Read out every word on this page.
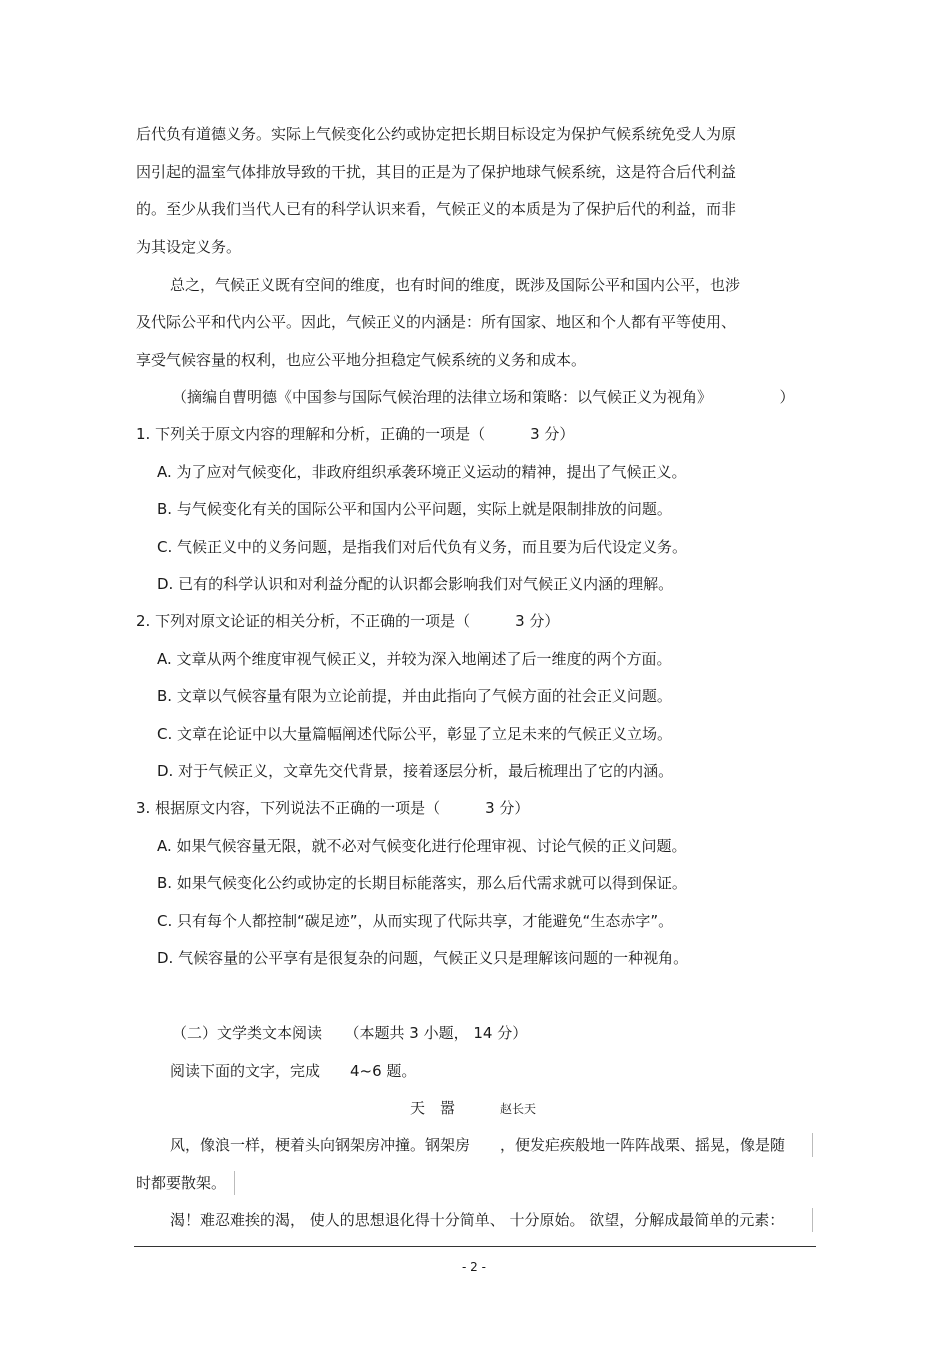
后代负有道德义务。实际上气候变化公约或协定把长期目标设定为保护气候系统免受人为原
因引起的温室气体排放导致的干扰，其目的正是为了保护地球气候系统，这是符合后代利益
的。至少从我们当代人已有的科学认识来看，气候正义的本质是为了保护后代的利益，而非
为其设定义务。
总之，气候正义既有空间的维度，也有时间的维度，既涉及国际公平和国内公平，也涉
及代际公平和代内公平。因此，气候正义的内涵是：所有国家、地区和个人都有平等使用、
享受气候容量的权利，也应公平地分担稳定气候系统的义务和成本。
（摘编自曹明德《中国参与国际气候治理的法律立场和策略：以气候正义为视角》　　　　　）
1. 下列关于原文内容的理解和分析，正确的一项是（　　　3 分）
A. 为了应对气候变化，非政府组织承袭环境正义运动的精神，提出了气候正义。
B. 与气候变化有关的国际公平和国内公平问题，实际上就是限制排放的问题。
C. 气候正义中的义务问题，是指我们对后代负有义务，而且要为后代设定义务。
D. 已有的科学认识和对利益分配的认识都会影响我们对气候正义内涵的理解。
2. 下列对原文论证的相关分析，不正确的一项是（　　　3 分）
A. 文章从两个维度审视气候正义，并较为深入地阐述了后一维度的两个方面。
B. 文章以气候容量有限为立论前提，并由此指向了气候方面的社会正义问题。
C. 文章在论证中以大量篇幅阐述代际公平，彰显了立足未来的气候正义立场。
D. 对于气候正义，文章先交代背景，接着逐层分析，最后梳理出了它的内涵。
3. 根据原文内容，下列说法不正确的一项是（　　　3 分）
A. 如果气候容量无限，就不必对气候变化进行伦理审视、讨论气候的正义问题。
B. 如果气候变化公约或协定的长期目标能落实，那么后代需求就可以得到保证。
C. 只有每个人都控制“碳足迹”，从而实现了代际共享，才能避免“生态赤字”。
D. 气候容量的公平享有是很复杂的问题，气候正义只是理解该问题的一种视角。
（二）文学类文本阅读　　（本题共 3 小题， 14 分）
阅读下面的文字，完成　　4~6 题。
天　嚣	赵长天
风，像浪一样，梗着头向钢架房冲撞。钢架房　　，便发疟疾般地一阵阵战栗、摇晃，像是随
时都要散架。
渴！难忍难挨的渴， 使人的思想退化得十分简单、 十分原始。 欲望，分解成最简单的元素：
- 2 -
